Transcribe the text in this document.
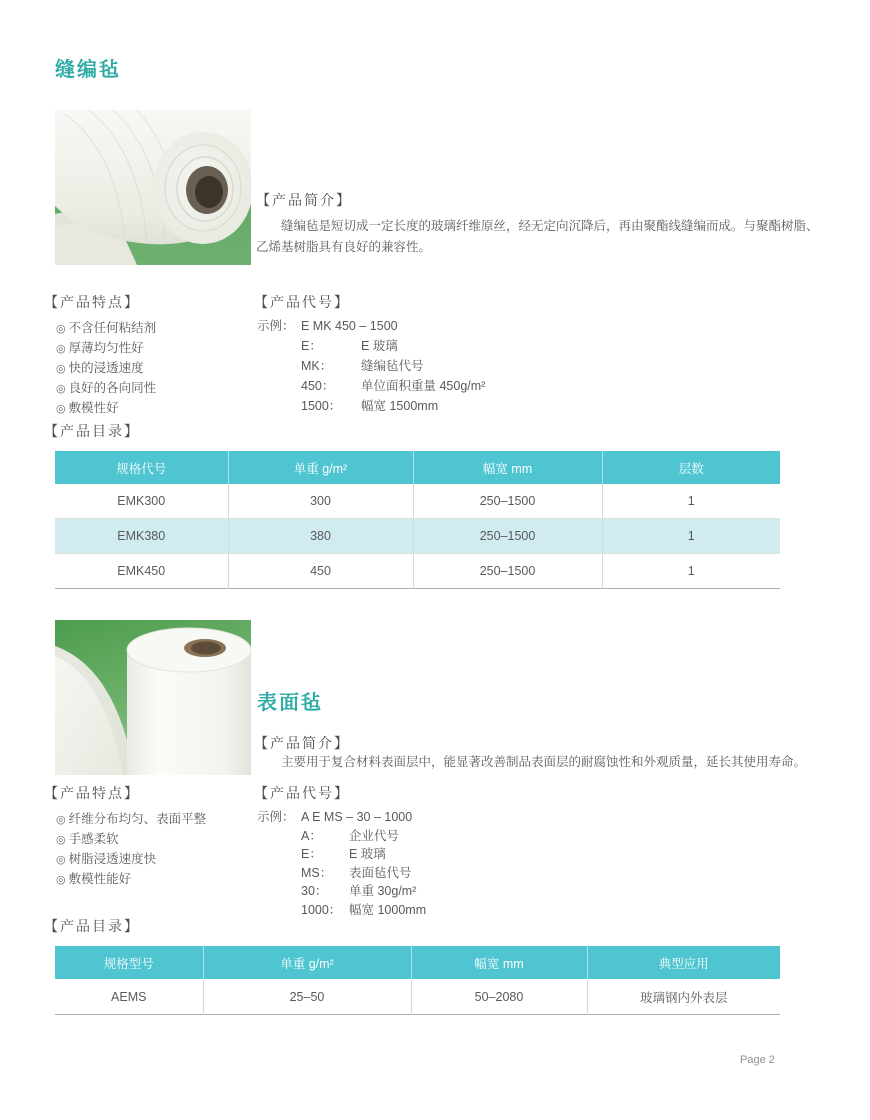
缝编毡
【产品简介】

缝编毡是短切成一定长度的玻璃纤维原丝，经无定向沉降后，再由聚酯线缝编而成。与聚酯树脂、乙烯基树脂具有良好的兼容性。

【产品特点】
◎ 不含任何粘结剂
◎ 厚薄均匀性好
◎ 快的浸透速度
◎ 良好的各向同性
◎ 敷模性好
【产品代号】
示例： E MK 450 – 1500
E：	E 玻璃
MK：	缝编毡代号
450：	单位面积重量 450g/m²
1500：	幅宽 1500mm
【产品目录】
规格代号	单重 g/m²	幅宽 mm	层数
EMK300	300	250–1500	1
EMK380	380	250–1500	1
EMK450	450	250–1500	1
表面毡
【产品简介】

主要用于复合材料表面层中，能显著改善制品表面层的耐腐蚀性和外观质量，延长其使用寿命。

【产品特点】
◎ 纤维分布均匀、表面平整
◎ 手感柔软
◎ 树脂浸透速度快
◎ 敷模性能好
【产品代号】
示例： A E MS – 30 – 1000
A：	企业代号
E：	E 玻璃
MS：	表面毡代号
30：	单重 30g/m²
1000： 幅宽 1000mm
【产品目录】
规格型号	单重 g/m²	幅宽 mm	典型应用
AEMS	25–50	50–2080	玻璃钢内外表层
Page 2
